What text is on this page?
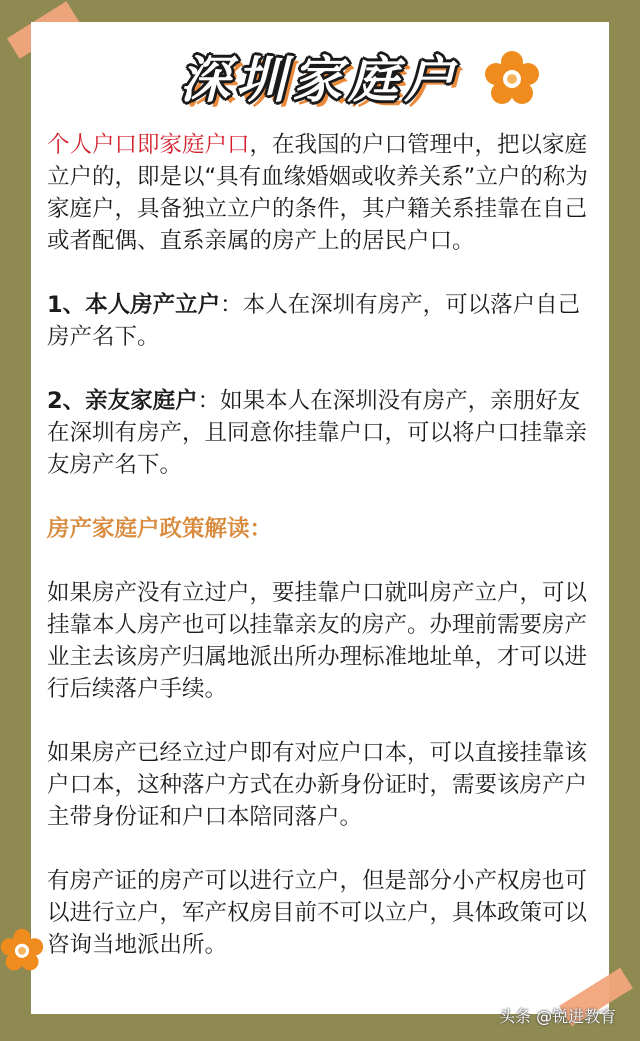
深圳家庭户

个人户口即家庭户口，在我国的户口管理中，把以家庭立户的，即是以“具有血缘婚姻或收养关系”立户的称为家庭户，具备独立立户的条件，其户籍关系挂靠在自己或者配偶、直系亲属的房产上的居民户口。

1、本人房产立户：本人在深圳有房产，可以落户自己房产名下。

2、亲友家庭户：如果本人在深圳没有房产，亲朋好友在深圳有房产，且同意你挂靠户口，可以将户口挂靠亲友房产名下。

房产家庭户政策解读：

如果房产没有立过户，要挂靠户口就叫房产立户，可以挂靠本人房产也可以挂靠亲友的房产。办理前需要房产业主去该房产归属地派出所办理标准地址单，才可以进行后续落户手续。

如果房产已经立过户即有对应户口本，可以直接挂靠该户口本，这种落户方式在办新身份证时，需要该房产户主带身份证和户口本陪同落户。

有房产证的房产可以进行立户，但是部分小产权房也可以进行立户，军产权房目前不可以立户，具体政策可以咨询当地派出所。

头条 @锐进教育
